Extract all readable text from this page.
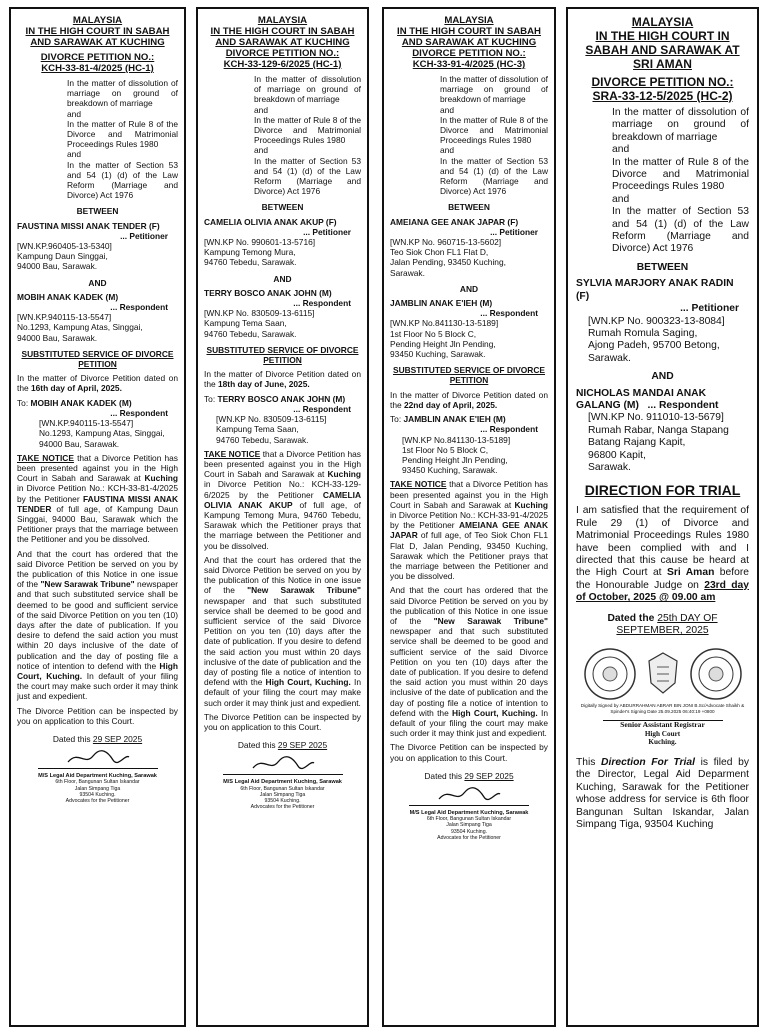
MALAYSIA
IN THE HIGH COURT IN SABAH AND SARAWAK AT KUCHING
DIVORCE PETITION NO.:
KCH-33-81-4/2025 (HC-1)
In the matter of dissolution of marriage on ground of breakdown of marriage
and
In the matter of Rule 8 of the Divorce and Matrimonial Proceedings Rules 1980
and
In the matter of Section 53 and 54 (1) (d) of the Law Reform (Marriage and Divorce) Act 1976
BETWEEN
FAUSTINA MISSI ANAK TENDER (F)
... Petitioner
[WN.KP.960405-13-5340]
Kampung Daun Singgai,
94000 Bau, Sarawak.
AND
MOBIH ANAK KADEK (M)
... Respondent
[WN.KP.940115-13-5547]
No.1293, Kampung Atas, Singgai,
94000 Bau, Sarawak.
SUBSTITUTED SERVICE OF DIVORCE PETITION
In the matter of Divorce Petition dated on the 16th day of April, 2025.
To: MOBIH ANAK KADEK (M)
... Respondent
[WN.KP.940115-13-5547]
No.1293, Kampung Atas, Singgai,
94000 Bau, Sarawak.
TAKE NOTICE that a Divorce Petition has been presented against you in the High Court in Sabah and Sarawak at Kuching in Divorce Petition No.: KCH-33-81-4/2025 by the Petitioner FAUSTINA MISSI ANAK TENDER of full age, of Kampung Daun Singgai, 94000 Bau, Sarawak which the Petitioner prays that the marriage between the Petitioner and you be dissolved.
And that the court has ordered that the said Divorce Petition be served on you by the publication of this Notice in one issue of the "New Sarawak Tribune" newspaper and that such substituted service shall be deemed to be good and sufficient service of the said Divorce Petition on you ten (10) days after the date of publication. If you desire to defend the said action you must within 20 days inclusive of the date of publication and the day of posting file a notice of intention to defend with the High Court, Kuching. In default of your filing the court may make such order it may think just and expedient.
The Divorce Petition can be inspected by you on application to this Court.
Dated this 29 SEP 2025
M/S Legal Aid Department Kuching, Sarawak
6th Floor, Bangunan Sultan Iskandar
Jalan Simpang Tiga
93504 Kuching.
Advocates for the Petitioner
MALAYSIA
IN THE HIGH COURT IN SABAH AND SARAWAK AT KUCHING
DIVORCE PETITION NO.:
KCH-33-129-6/2025 (HC-1)
In the matter of dissolution of marriage on ground of breakdown of marriage
and
In the matter of Rule 8 of the Divorce and Matrimonial Proceedings Rules 1980
and
In the matter of Section 53 and 54 (1) (d) of the Law Reform (Marriage and Divorce) Act 1976
BETWEEN
CAMELIA OLIVIA ANAK AKUP (F)
... Petitioner
[WN.KP No. 990601-13-5716]
Kampung Temong Mura,
94760 Tebedu, Sarawak.
AND
TERRY BOSCO ANAK JOHN (M)
... Respondent
[WN.KP No. 830509-13-6115]
Kampung Tema Saan,
94760 Tebedu, Sarawak.
SUBSTITUTED SERVICE OF DIVORCE PETITION
In the matter of Divorce Petition dated on the 18th day of June, 2025.
To: TERRY BOSCO ANAK JOHN (M)
... Respondent
[WN.KP No. 830509-13-6115]
Kampung Tema Saan,
94760 Tebedu, Sarawak.
TAKE NOTICE that a Divorce Petition has been presented against you in the High Court in Sabah and Sarawak at Kuching in Divorce Petition No.: KCH-33-129-6/2025 by the Petitioner CAMELIA OLIVIA ANAK AKUP of full age, of Kampung Temong Mura, 94760 Tebedu, Sarawak which the Petitioner prays that the marriage between the Petitioner and you be dissolved.
And that the court has ordered that the said Divorce Petition be served on you by the publication of this Notice in one issue of the "New Sarawak Tribune" newspaper and that such substituted service shall be deemed to be good and sufficient service of the said Divorce Petition on you ten (10) days after the date of publication. If you desire to defend the said action you must within 20 days inclusive of the date of publication and the day of posting file a notice of intention to defend with the High Court, Kuching. In default of your filing the court may make such order it may think just and expedient.
The Divorce Petition can be inspected by you on application to this Court.
Dated this 29 SEP 2025
M/S Legal Aid Department Kuching, Sarawak
6th Floor, Bangunan Sultan Iskandar
Jalan Simpang Tiga
93504 Kuching.
Advocates for the Petitioner
MALAYSIA
IN THE HIGH COURT IN SABAH AND SARAWAK AT KUCHING
DIVORCE PETITION NO.:
KCH-33-91-4/2025 (HC-3)
In the matter of dissolution of marriage on ground of breakdown of marriage
and
In the matter of Rule 8 of the Divorce and Matrimonial Proceedings Rules 1980
and
In the matter of Section 53 and 54 (1) (d) of the Law Reform (Marriage and Divorce) Act 1976
BETWEEN
AMEIANA GEE ANAK JAPAR (F)
... Petitioner
[WN.KP No. 960715-13-5602]
Teo Siok Chon FL1 Flat D,
Jalan Pending, 93450 Kuching,
Sarawak.
AND
JAMBLIN ANAK E'IEH (M)
... Respondent
[WN.KP No.841130-13-5189]
1st Floor No 5 Block C,
Pending Height Jln Pending,
93450 Kuching, Sarawak.
SUBSTITUTED SERVICE OF DIVORCE PETITION
In the matter of Divorce Petition dated on the 22nd day of April, 2025.
To: JAMBLIN ANAK E'IEH (M)
... Respondent
[WN.KP No.841130-13-5189]
1st Floor No 5 Block C,
Pending Height Jln Pending,
93450 Kuching, Sarawak.
TAKE NOTICE that a Divorce Petition has been presented against you in the High Court in Sabah and Sarawak at Kuching in Divorce Petition No.: KCH-33-91-4/2025 by the Petitioner AMEIANA GEE ANAK JAPAR of full age, of Teo Siok Chon FL1 Flat D, Jalan Pending, 93450 Kuching, Sarawak which the Petitioner prays that the marriage between the Petitioner and you be dissolved.
And that the court has ordered that the said Divorce Petition be served on you by the publication of this Notice in one issue of the "New Sarawak Tribune" newspaper and that such substituted service shall be deemed to be good and sufficient service of the said Divorce Petition on you ten (10) days after the date of publication. If you desire to defend the said action you must within 20 days inclusive of the date of publication and the day of posting file a notice of intention to defend with the High Court, Kuching. In default of your filing the court may make such order it may think just and expedient.
The Divorce Petition can be inspected by you on application to this Court.
Dated this 29 SEP 2025
M/S Legal Aid Department Kuching, Sarawak
6th Floor, Bangunan Sultan Iskandar
Jalan Simpang Tiga
93504 Kuching.
Advocates for the Petitioner
MALAYSIA
IN THE HIGH COURT IN SABAH AND SARAWAK AT SRI AMAN
DIVORCE PETITION NO.:
SRA-33-12-5/2025 (HC-2)
In the matter of dissolution of marriage on ground of breakdown of marriage
and
In the matter of Rule 8 of the Divorce and Matrimonial Proceedings Rules 1980
and
In the matter of Section 53 and 54 (1) (d) of the Law Reform (Marriage and Divorce) Act 1976
BETWEEN
SYLVIA MARJORY ANAK RADIN (F)
... Petitioner
[WN.KP No. 900323-13-8084]
Rumah Romula Saging,
Ajong Padeh, 95700 Betong,
Sarawak.
AND
NICHOLAS MANDAI ANAK
GALANG (M) ... Respondent
[WN.KP No. 911010-13-5679]
Rumah Rabar, Nanga Stapang
Batang Rajang Kapit,
96800 Kapit,
Sarawak.
DIRECTION FOR TRIAL
I am satisfied that the requirement of Rule 29 (1) of Divorce and Matrimonial Proceedings Rules 1980 have been complied with and I directed that this cause be heard at the High Court at Sri Aman before the Honourable Judge on 23rd day of October, 2025 @ 09.00 am
Dated the 25th DAY OF SEPTEMBER, 2025
Digitally Signed by ABDURRAHMAN ABRAR BIN JONI B.Sc/Advocate Shaikh & Spinder's Signing Date 25.09.2025 06:40:19 +0800
Senior Assistant Registrar
High Court
Kuching.
This Direction For Trial is filed by the Director, Legal Aid Deparment Kuching, Sarawak for the Petitioner whose address for service is 6th floor Bangunan Sultan Iskandar, Jalan Simpang Tiga, 93504 Kuching
